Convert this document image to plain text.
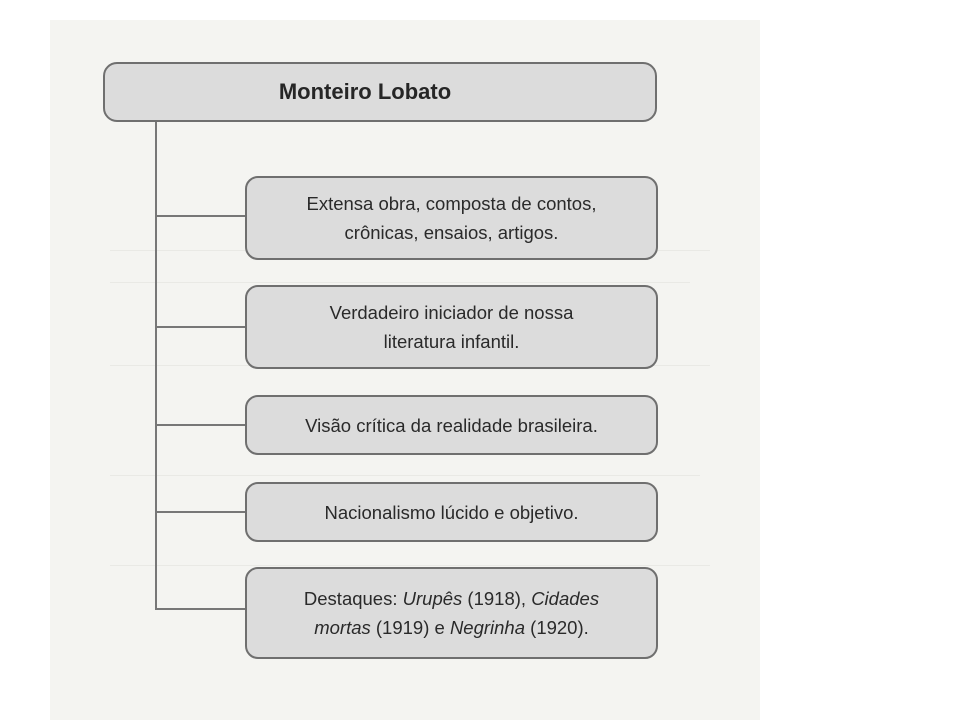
Monteiro Lobato
Extensa obra, composta de contos,
crônicas, ensaios, artigos.
Verdadeiro iniciador de nossa
literatura infantil.
Visão crítica da realidade brasileira.
Nacionalismo lúcido e objetivo.
Destaques: Urupês (1918), Cidades
mortas (1919) e Negrinha (1920).
